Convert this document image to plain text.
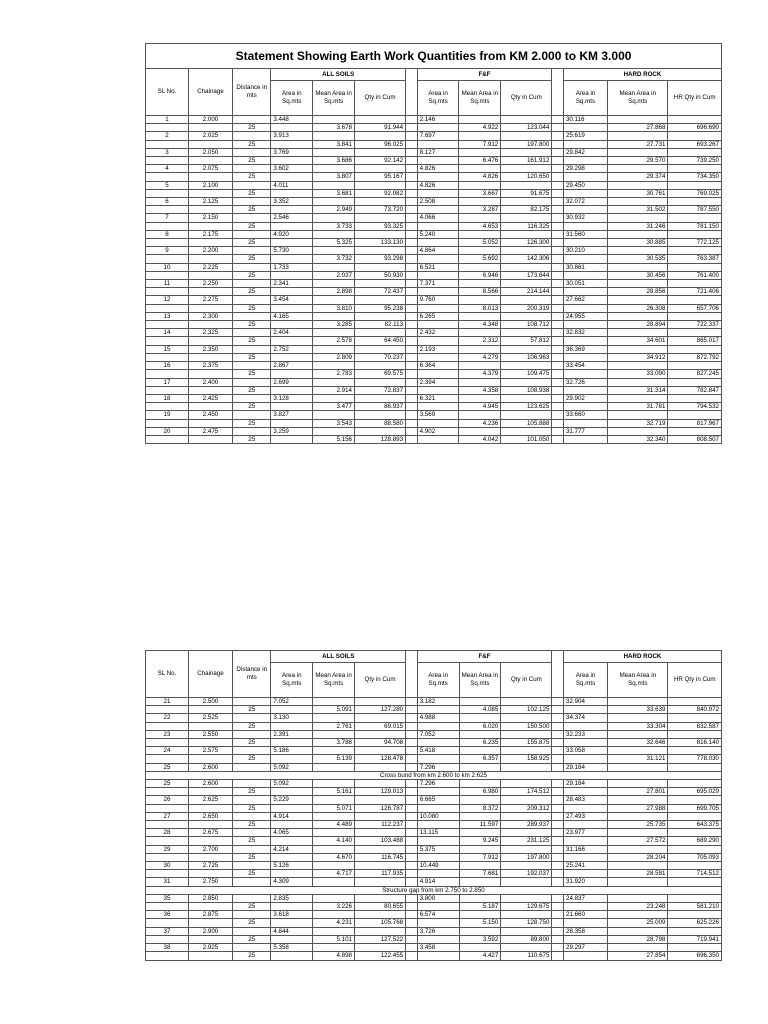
Statement Showing Earth Work Quantities from KM 2.000 to KM 3.000													
SL No.	Chainage	Distance in mts	ALL SOILS				F&F				HARD ROCK		
			Area in Sq.mts	Mean Area in Sq.mts	Qty in Cum		Area in Sq.mts	Mean Area in Sq.mts	Qty in Cum		Area in Sq.mts	Mean Area in Sq.mts	HR Qty in Cum
1	2.000		3.448				2.146				30.116		
		25		3.678	91.944			4.922	123.044			27.868	696.690
2	2.025		3.913				7.697				25.619		
		25		3.841	96.025			7.912	197.800			27.731	693.267
3	2.050		3.769				8.127				29.842		
		25		3.686	92.142			6.476	161.912			29.570	739.250
4	2.075		3.602				4.826				29.298		
		25		3.807	95.167			4.826	120.650			29.374	734.350
5	2.100		4.011				4.826				29.450		
		25		3.681	92.082			3.667	91.675			30.761	769.025
6	2.125		3.352				2.508				32.072		
		25		2.949	73.720			3.287	82.175			31.502	787.550
7	2.150		2.546				4.066				30.932		
		25		3.733	93.325			4.653	116.325			31.246	781.150
8	2.175		4.920				5.240				31.560		
		25		5.325	133.130			5.052	126.300			30.885	772.125
9	2.200		5.730				4.864				30.210		
		25		3.732	93.298			5.692	142.306			30.535	763.387
10	2.225		1.733				6.521				30.861		
		25		2.037	50.930			6.946	173.644			30.456	761.400
11	2.250		2.341				7.371				30.051		
		25		2.898	72.437			8.566	214.144			28.856	721.406
12	2.275		3.454				9.760				27.662		
		25		3.810	95.238			8.013	200.319			26.308	657.706
13	2.300		4.165				6.265				24.955		
		25		3.285	82.113			4.348	108.712			28.894	722.337
14	2.325		2.404				2.432				32.832		
		25		2.578	64.450			2.312	57.812			34.601	865.017
15	2.350		2.752				2.193				36.369		
		25		2.809	70.237			4.279	106.963			34.912	872.792
16	2.375		2.867				6.364				33.454		
		25		2.783	69.575			4.379	109.475			33.090	827.245
17	2.400		2.699				2.394				32.726		
		25		2.914	72.837			4.358	108.938			31.314	782.847
18	2.425		3.128				6.321				29.902		
		25		3.477	86.937			4.945	123.625			31.781	794.532
19	2.450		3.827				3.569				33.660		
		25		3.543	88.580			4.236	105.888			32.719	817.967
20	2.475		3.259				4.902				31.777		
		25		5.156	128.893			4.042	101.050			32.340	808.507
SL No.	Chainage	Distance in mts	ALL SOILS				F&F				HARD ROCK		
			Area in Sq.mts	Mean Area in Sq.mts	Qty in Cum		Area in Sq.mts	Mean Area in Sq.mts	Qty in Cum		Area in Sq.mts	Mean Area in Sq.mts	HR Qty in Cum
21	2.500		7.052				3.182				32.904		
		25		5.091	127.280			4.085	102.125			33.639	840.972
22	2.525		3.130				4.988				34.374		
		25		2.761	69.015			6.020	150.500			33.304	832.587
23	2.550		2.391				7.052				32.233		
		25		3.788	94.708			6.235	155.875			32.646	816.140
24	2.575		5.186				5.418				33.058		
		25		5.139	128.478			6.357	158.925			31.121	778.030
25	2.600		5.092				7.296				29.184		
Cross bund from km 2.600 to km 2.625													
25	2.600		5.092				7.296				29.184		
		25		5.161	129.013			6.980	174.512			27.801	695.029
26	2.625		5.229				6.665				28.483		
		25		5.071	126.787			8.372	209.312			27.988	699.705
27	2.650		4.914				10.080				27.493		
		25		4.489	112.237			11.597	289.937			25.735	643.375
28	2.675		4.065				13.115				23.977		
		25		4.140	103.488			9.245	231.125			27.572	689.290
29	2.700		4.214				5.375				31.166		
		25		4.670	116.745			7.912	197.800			28.204	705.093
30	2.725		5.126				10.449				25.241		
		25		4.717	117.935			7.681	192.037			28.581	714.512
31	2.750		4.309				4.914				31.920		
Structure gap from km 2.750 to 2.850													
35	2.850		2.835				3.800				24.837		
		25		3.226	80.655			5.187	129.675			23.248	581.210
36	2.875		3.618				6.574				21.660		
		25		4.231	105.768			5.150	128.750			25.009	625.226
37	2.900		4.844				3.726				28.358		
		25		5.101	127.522			3.592	89.800			28.798	719.941
38	2.925		5.358				3.458				29.297		
		25		4.898	122.455			4.427	110.675			27.854	696.350
